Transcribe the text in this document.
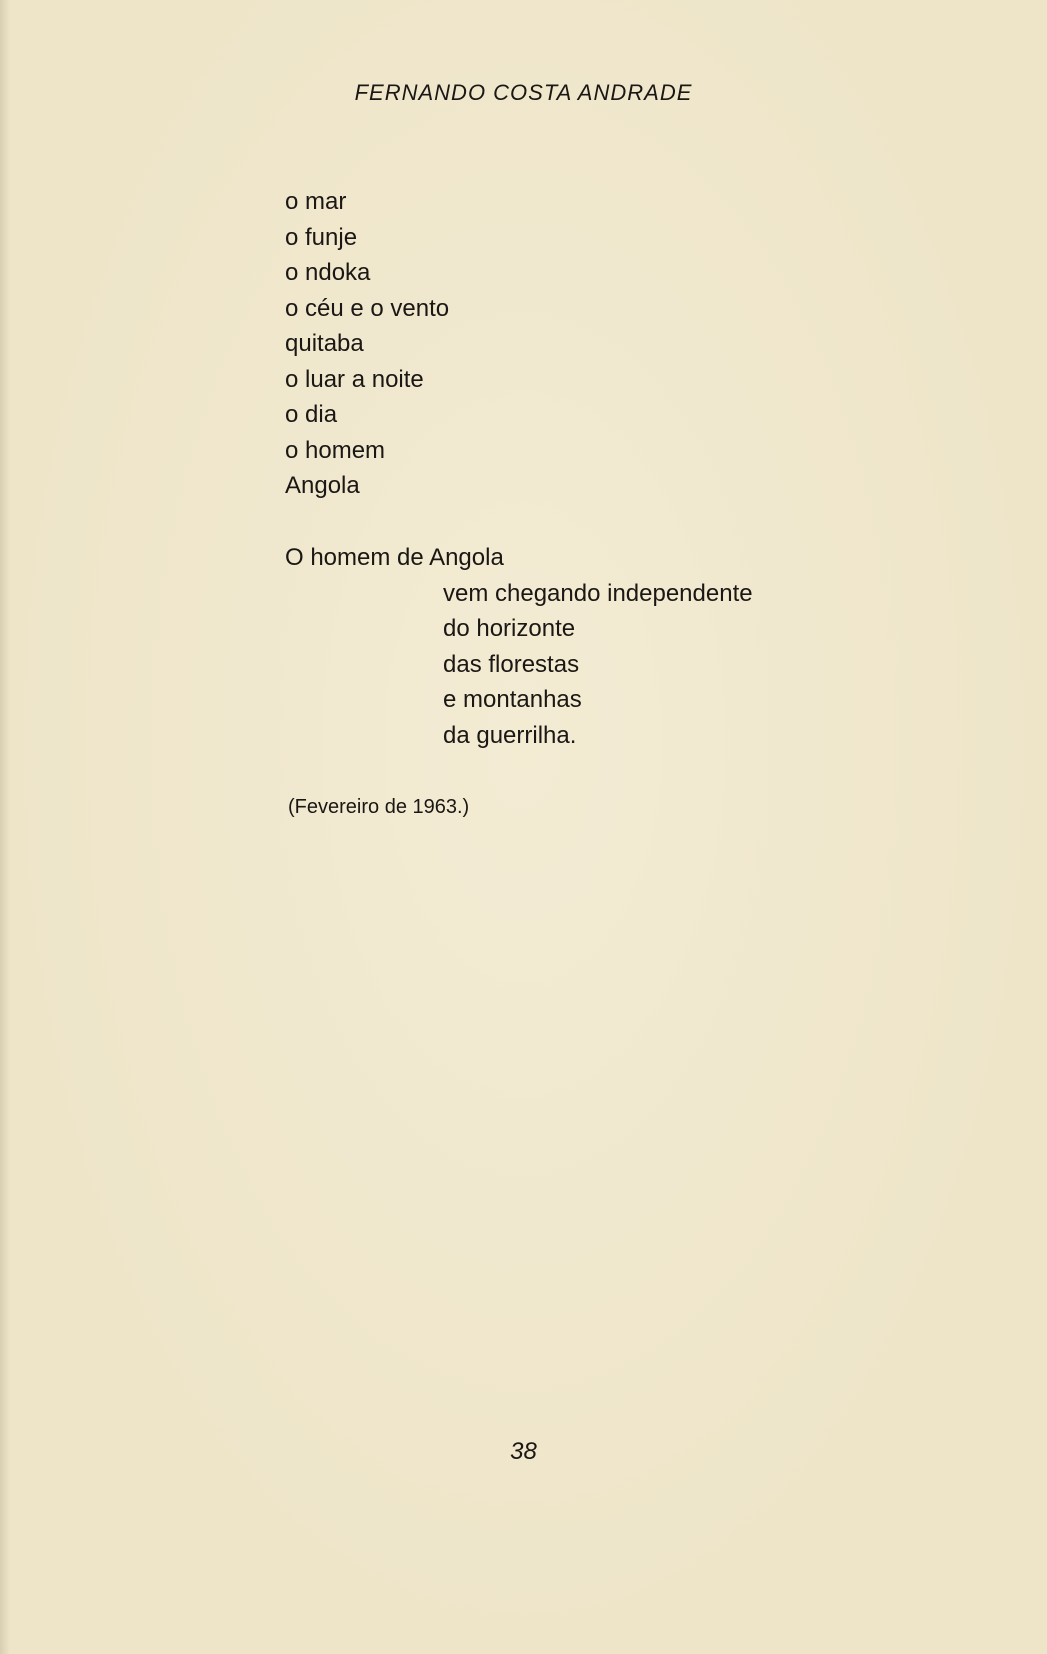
FERNANDO COSTA ANDRADE
o mar
o funje
o ndoka
o céu e o vento
quitaba
o luar a noite
o dia
o homem
Angola
O homem de Angola
vem chegando independente
do horizonte
das florestas
e montanhas
da guerrilha.
(Fevereiro de 1963.)
38
